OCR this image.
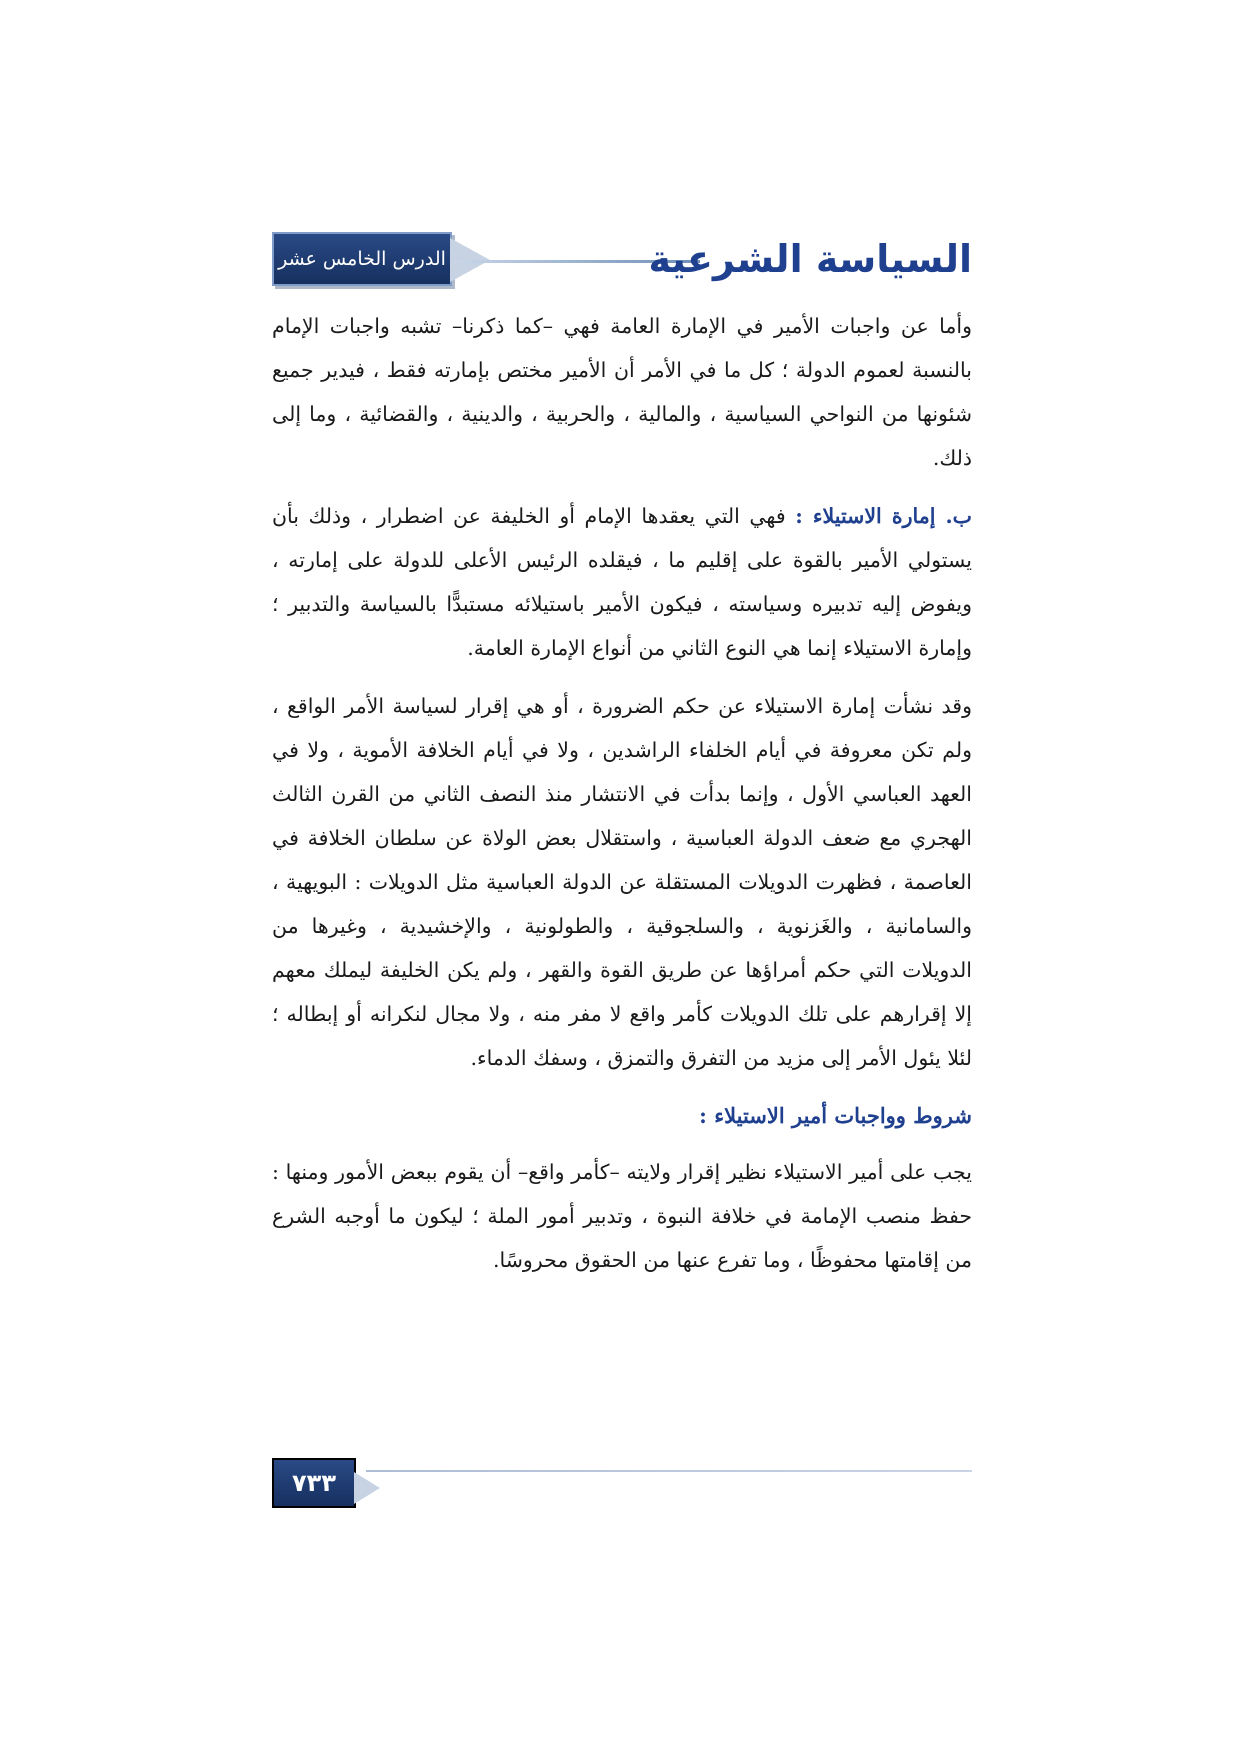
الدرس الخامس عشر	السياسة الشرعية

وأما عن واجبات الأمير في الإمارة العامة فهي –كما ذكرنا– تشبه واجبات الإمام بالنسبة لعموم الدولة ؛ كل ما في الأمر أن الأمير مختص بإمارته فقط ، فيدير جميع شئونها من النواحي السياسية ، والمالية ، والحربية ، والدينية ، والقضائية ، وما إلى ذلك.

ب. إمارة الاستيلاء : فهي التي يعقدها الإمام أو الخليفة عن اضطرار ، وذلك بأن يستولي الأمير بالقوة على إقليم ما ، فيقلده الرئيس الأعلى للدولة على إمارته ، ويفوض إليه تدبيره وسياسته ، فيكون الأمير باستيلائه مستبدًّا بالسياسة والتدبير ؛ وإمارة الاستيلاء إنما هي النوع الثاني من أنواع الإمارة العامة.

وقد نشأت إمارة الاستيلاء عن حكم الضرورة ، أو هي إقرار لسياسة الأمر الواقع ، ولم تكن معروفة في أيام الخلفاء الراشدين ، ولا في أيام الخلافة الأموية ، ولا في العهد العباسي الأول ، وإنما بدأت في الانتشار منذ النصف الثاني من القرن الثالث الهجري مع ضعف الدولة العباسية ، واستقلال بعض الولاة عن سلطان الخلافة في العاصمة ، فظهرت الدويلات المستقلة عن الدولة العباسية مثل الدويلات : البويهية ، والسامانية ، والغَزنوية ، والسلجوقية ، والطولونية ، والإخشيدية ، وغيرها من الدويلات التي حكم أمراؤها عن طريق القوة والقهر ، ولم يكن الخليفة ليملك معهم إلا إقرارهم على تلك الدويلات كأمر واقع لا مفر منه ، ولا مجال لنكرانه أو إبطاله ؛ لئلا يئول الأمر إلى مزيد من التفرق والتمزق ، وسفك الدماء.

شروط وواجبات أمير الاستيلاء :

يجب على أمير الاستيلاء نظير إقرار ولايته –كأمر واقع– أن يقوم ببعض الأمور ومنها : حفظ منصب الإمامة في خلافة النبوة ، وتدبير أمور الملة ؛ ليكون ما أوجبه الشرع من إقامتها محفوظًا ، وما تفرع عنها من الحقوق محروسًا.

٧٣٣
